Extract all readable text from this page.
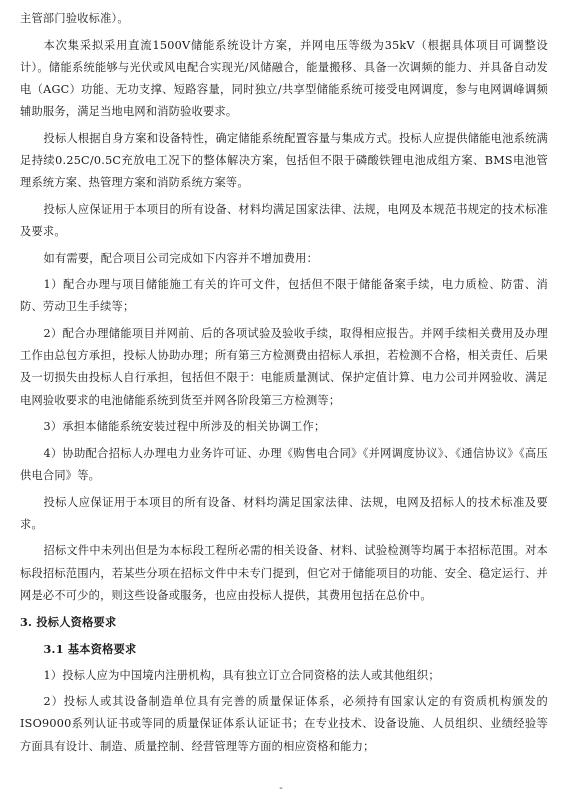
主管部门验收标准）。

本次集采拟采用直流1500V储能系统设计方案，并网电压等级为35kV（根据具体项目可调整设计）。储能系统能够与光伏或风电配合实现光/风储融合，能量搬移、具备一次调频的能力、并具备自动发电（AGC）功能、无功支撑、短路容量，同时独立/共享型储能系统可接受电网调度，参与电网调峰调频辅助服务，满足当地电网和消防验收要求。

投标人根据自身方案和设备特性，确定储能系统配置容量与集成方式。投标人应提供储能电池系统满足持续0.25C/0.5C充放电工况下的整体解决方案，包括但不限于磷酸铁锂电池成组方案、BMS电池管理系统方案、热管理方案和消防系统方案等。

投标人应保证用于本项目的所有设备、材料均满足国家法律、法规，电网及本规范书规定的技术标准及要求。

如有需要，配合项目公司完成如下内容并不增加费用：

1）配合办理与项目储能施工有关的许可文件，包括但不限于储能备案手续，电力质检、防雷、消防、劳动卫生手续等；

2）配合办理储能项目并网前、后的各项试验及验收手续，取得相应报告。并网手续相关费用及办理工作由总包方承担，投标人协助办理；所有第三方检测费由招标人承担，若检测不合格，相关责任、后果及一切损失由投标人自行承担，包括但不限于：电能质量测试、保护定值计算、电力公司并网验收、满足电网验收要求的电池储能系统到货至并网各阶段第三方检测等；

3）承担本储能系统安装过程中所涉及的相关协调工作；

4）协助配合招标人办理电力业务许可证、办理《购售电合同》《并网调度协议》、《通信协议》《高压供电合同》等。

投标人应保证用于本项目的所有设备、材料均满足国家法律、法规，电网及招标人的技术标准及要求。

招标文件中未列出但是为本标段工程所必需的相关设备、材料、试验检测等均属于本招标范围。对本标段招标范围内，若某些分项在招标文件中未专门提到，但它对于储能项目的功能、安全、稳定运行、并网是必不可少的，则这些设备或服务，也应由投标人提供，其费用包括在总价中。

3. 投标人资格要求

3.1 基本资格要求

1）投标人应为中国境内注册机构，具有独立订立合同资格的法人或其他组织；

2）投标人或其设备制造单位具有完善的质量保证体系，必须持有国家认定的有资质机构颁发的ISO9000系列认证书或等同的质量保证体系认证证书；在专业技术、设备设施、人员组织、业绩经验等方面具有设计、制造、质量控制、经营管理等方面的相应资格和能力；

-
